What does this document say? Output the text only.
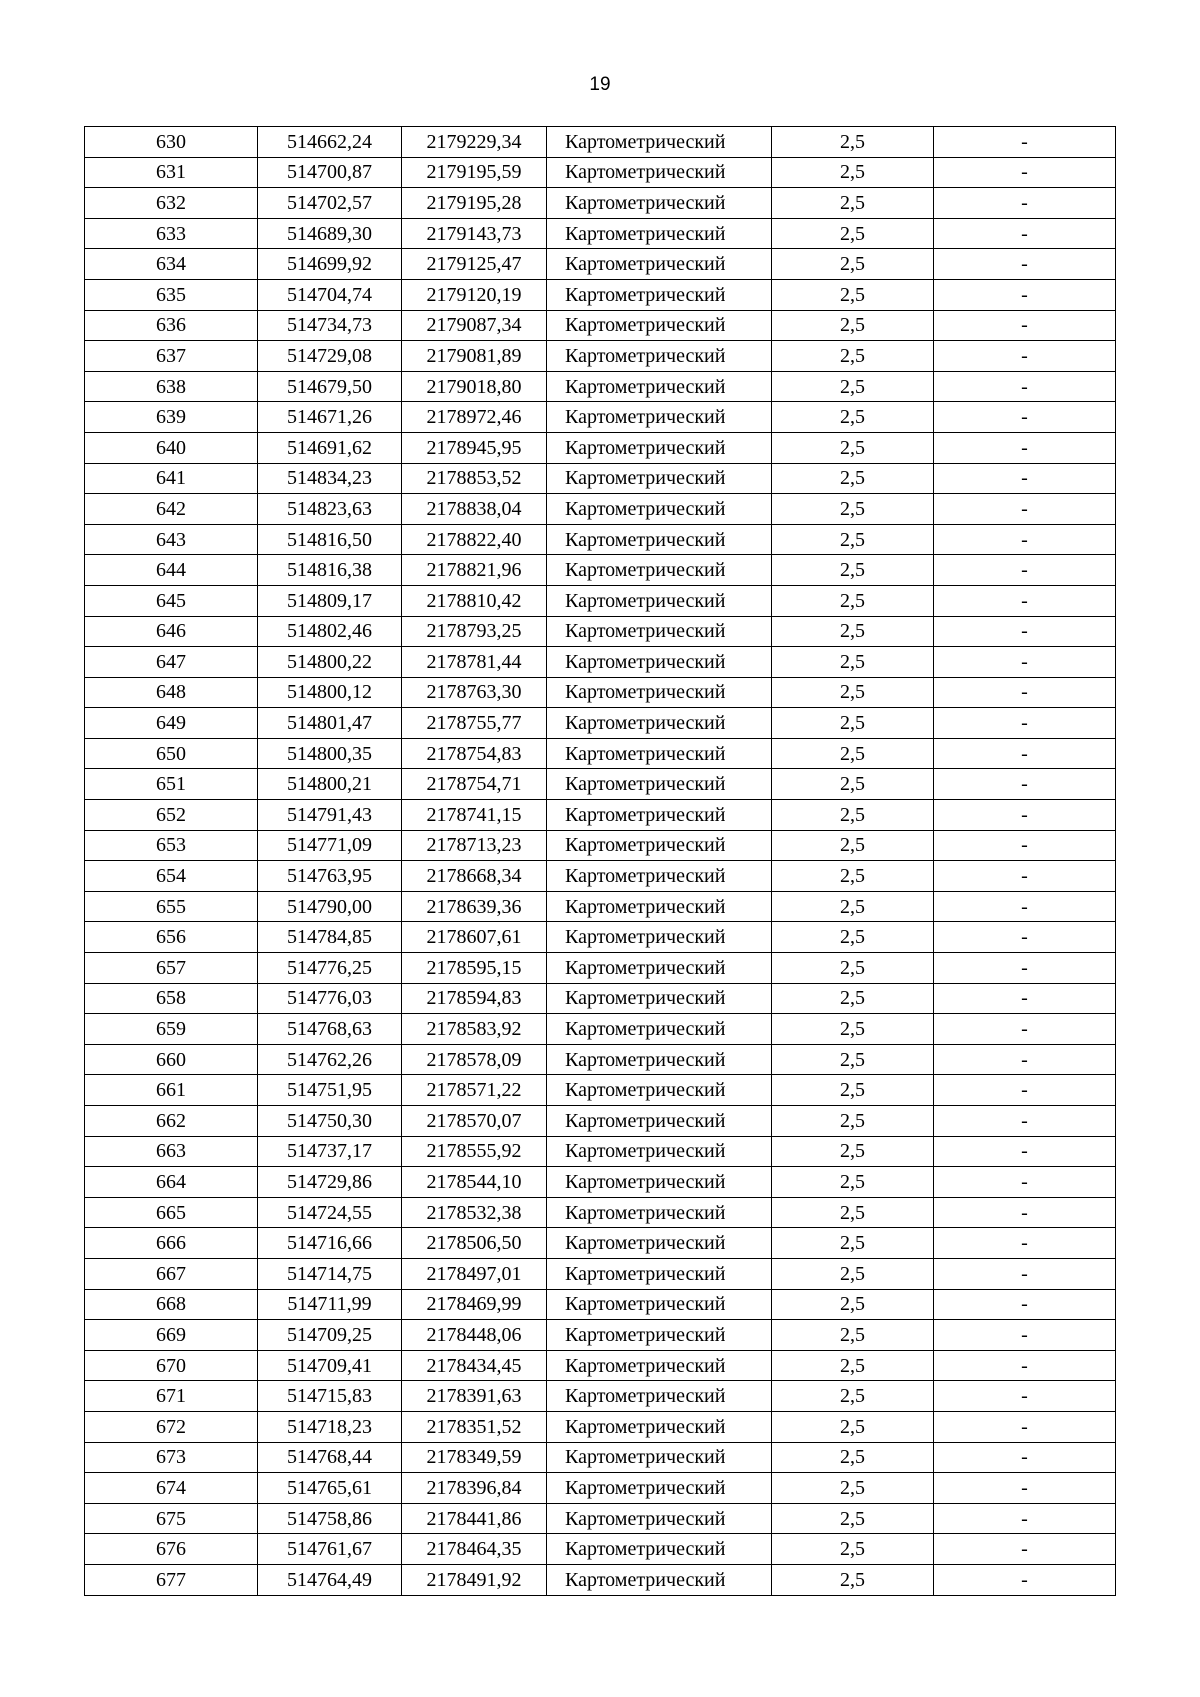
19
630	514662,24	2179229,34	Картометрический	2,5	-
631	514700,87	2179195,59	Картометрический	2,5	-
632	514702,57	2179195,28	Картометрический	2,5	-
633	514689,30	2179143,73	Картометрический	2,5	-
634	514699,92	2179125,47	Картометрический	2,5	-
635	514704,74	2179120,19	Картометрический	2,5	-
636	514734,73	2179087,34	Картометрический	2,5	-
637	514729,08	2179081,89	Картометрический	2,5	-
638	514679,50	2179018,80	Картометрический	2,5	-
639	514671,26	2178972,46	Картометрический	2,5	-
640	514691,62	2178945,95	Картометрический	2,5	-
641	514834,23	2178853,52	Картометрический	2,5	-
642	514823,63	2178838,04	Картометрический	2,5	-
643	514816,50	2178822,40	Картометрический	2,5	-
644	514816,38	2178821,96	Картометрический	2,5	-
645	514809,17	2178810,42	Картометрический	2,5	-
646	514802,46	2178793,25	Картометрический	2,5	-
647	514800,22	2178781,44	Картометрический	2,5	-
648	514800,12	2178763,30	Картометрический	2,5	-
649	514801,47	2178755,77	Картометрический	2,5	-
650	514800,35	2178754,83	Картометрический	2,5	-
651	514800,21	2178754,71	Картометрический	2,5	-
652	514791,43	2178741,15	Картометрический	2,5	-
653	514771,09	2178713,23	Картометрический	2,5	-
654	514763,95	2178668,34	Картометрический	2,5	-
655	514790,00	2178639,36	Картометрический	2,5	-
656	514784,85	2178607,61	Картометрический	2,5	-
657	514776,25	2178595,15	Картометрический	2,5	-
658	514776,03	2178594,83	Картометрический	2,5	-
659	514768,63	2178583,92	Картометрический	2,5	-
660	514762,26	2178578,09	Картометрический	2,5	-
661	514751,95	2178571,22	Картометрический	2,5	-
662	514750,30	2178570,07	Картометрический	2,5	-
663	514737,17	2178555,92	Картометрический	2,5	-
664	514729,86	2178544,10	Картометрический	2,5	-
665	514724,55	2178532,38	Картометрический	2,5	-
666	514716,66	2178506,50	Картометрический	2,5	-
667	514714,75	2178497,01	Картометрический	2,5	-
668	514711,99	2178469,99	Картометрический	2,5	-
669	514709,25	2178448,06	Картометрический	2,5	-
670	514709,41	2178434,45	Картометрический	2,5	-
671	514715,83	2178391,63	Картометрический	2,5	-
672	514718,23	2178351,52	Картометрический	2,5	-
673	514768,44	2178349,59	Картометрический	2,5	-
674	514765,61	2178396,84	Картометрический	2,5	-
675	514758,86	2178441,86	Картометрический	2,5	-
676	514761,67	2178464,35	Картометрический	2,5	-
677	514764,49	2178491,92	Картометрический	2,5	-
